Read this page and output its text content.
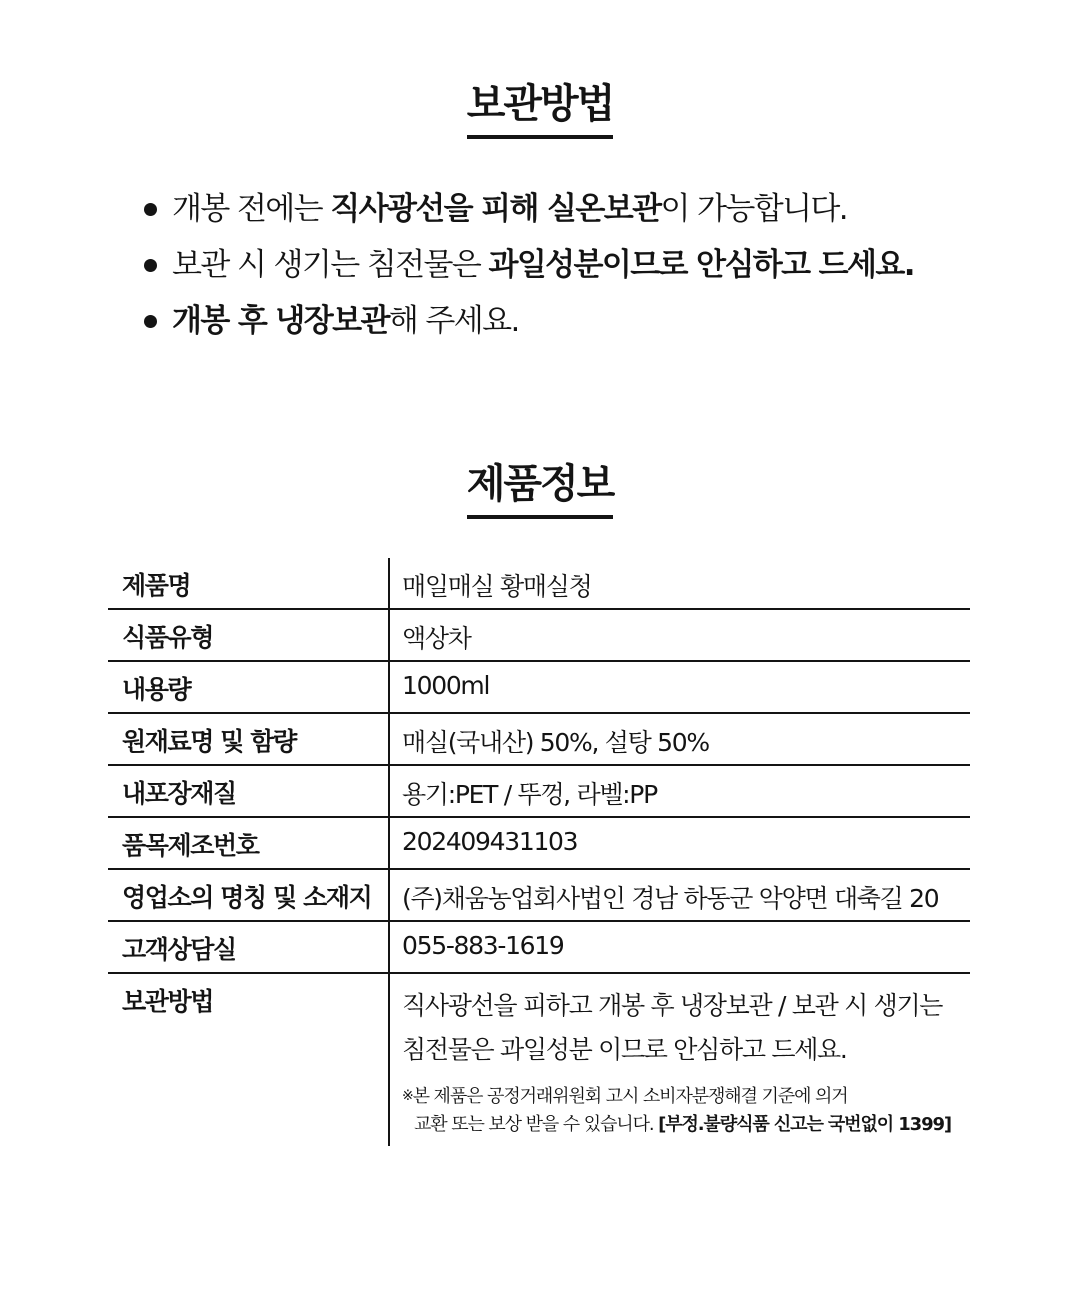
보관방법
개봉 전에는 직사광선을 피해 실온보관이 가능합니다.
보관 시 생기는 침전물은 과일성분이므로 안심하고 드세요.
개봉 후 냉장보관해 주세요.
제품정보
제품명	매일매실 황매실청
식품유형	액상차
내용량	1000ml
원재료명 및 함량	매실(국내산) 50%, 설탕 50%
내포장재질	용기:PET / 뚜껑, 라벨:PP
품목제조번호	202409431103
영업소의 명칭 및 소재지	(주)채움농업회사법인 경남 하동군 악양면 대축길 20
고객상담실	055-883-1619
보관방법	직사광선을 피하고 개봉 후 냉장보관 / 보관 시 생기는
침전물은 과일성분 이므로 안심하고 드세요.
※본 제품은 공정거래위원회 고시 소비자분쟁해결 기준에 의거
교환 또는 보상 받을 수 있습니다. [부정.불량식품 신고는 국번없이 1399]
